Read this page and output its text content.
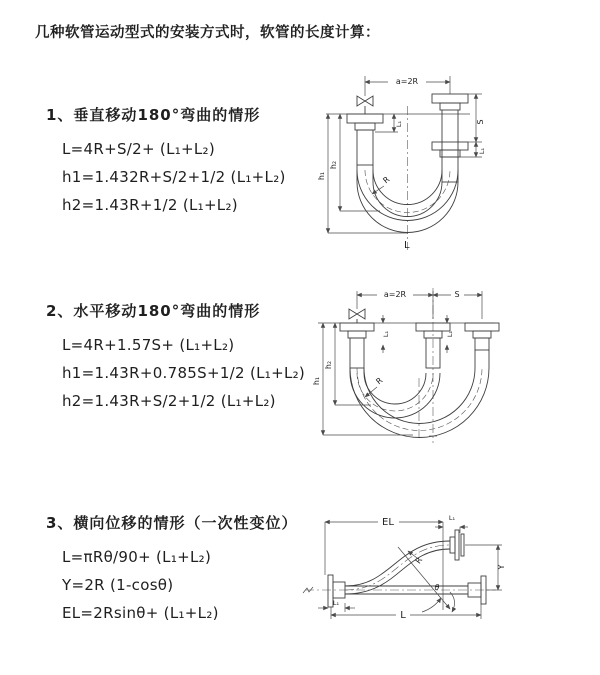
几种软管运动型式的安装方式时，软管的长度计算：
1、垂直移动180°弯曲的情形
L=4R+S/2+ (L₁+L₂)
h1=1.432R+S/2+1/2 (L₁+L₂)
h2=1.43R+1/2 (L₁+L₂)
2、水平移动180°弯曲的情形
L=4R+1.57S+ (L₁+L₂)
h1=1.43R+0.785S+1/2 (L₁+L₂)
h2=1.43R+S/2+1/2 (L₁+L₂)
3、横向位移的情形（一次性变位）
L=πRθ/90+ (L₁+L₂)
Y=2R (1-cosθ)
EL=2Rsinθ+ (L₁+L₂)
a=2R
S
L₁
L₁
h₁
h₂
R
L
a=2R	S
L₁	L₁
h₁
h₂
R
EL	L₁
Y
L
L₁
R
θ
